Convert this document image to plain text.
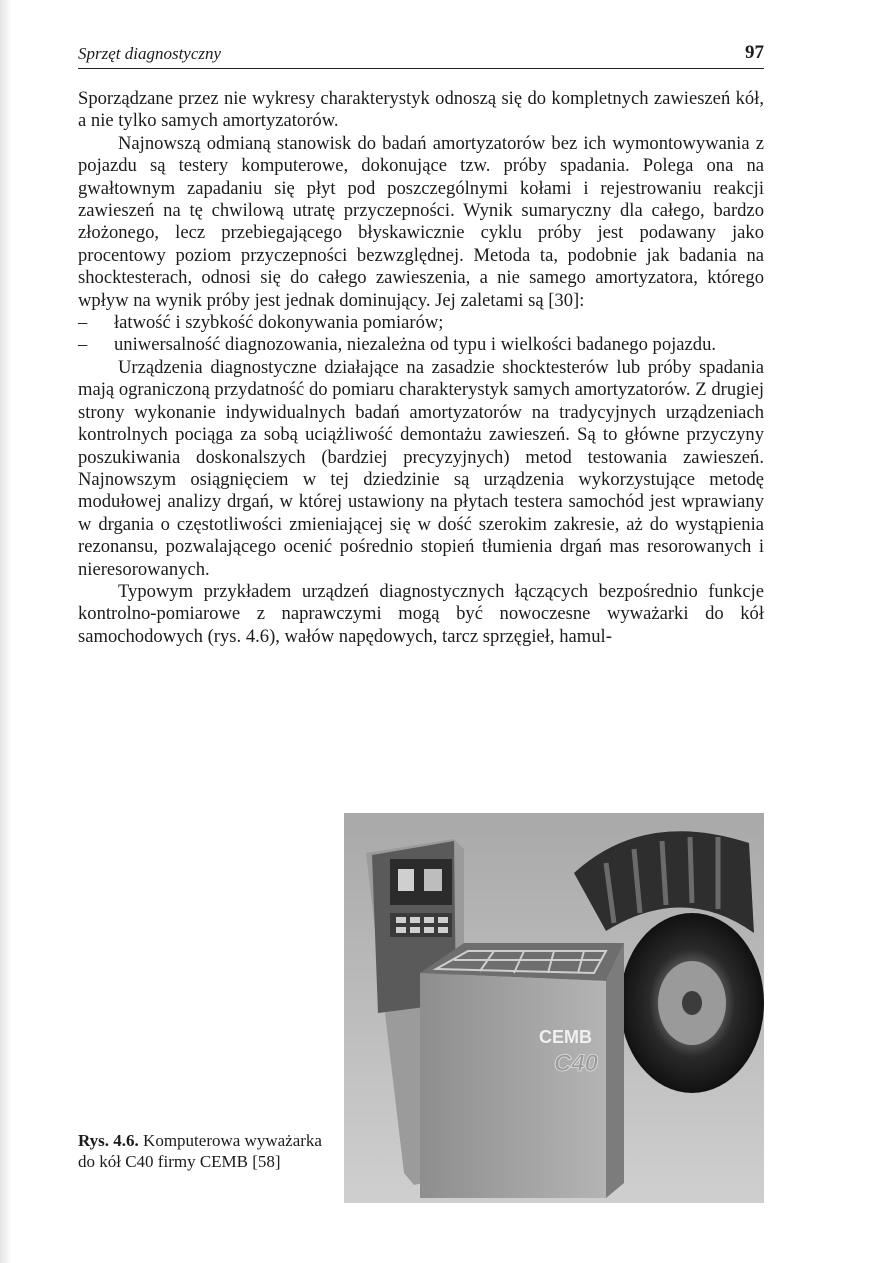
Sprzęt diagnostyczny	97

Sporządzane przez nie wykresy charakterystyk odnoszą się do kompletnych zawieszeń kół, a nie tylko samych amortyzatorów.

Najnowszą odmianą stanowisk do badań amortyzatorów bez ich wymontowywania z pojazdu są testery komputerowe, dokonujące tzw. próby spadania. Polega ona na gwałtownym zapadaniu się płyt pod poszczególnymi kołami i rejestrowaniu reakcji zawieszeń na tę chwilową utratę przyczepności. Wynik sumaryczny dla całego, bardzo złożonego, lecz przebiegającego błyskawicznie cyklu próby jest podawany jako procentowy poziom przyczepności bezwzględnej. Metoda ta, podobnie jak badania na shocktesterach, odnosi się do całego zawieszenia, a nie samego amortyzatora, którego wpływ na wynik próby jest jednak dominujący. Jej zaletami są [30]:

– łatwość i szybkość dokonywania pomiarów;
– uniwersalność diagnozowania, niezależna od typu i wielkości badanego pojazdu.

Urządzenia diagnostyczne działające na zasadzie shocktesterów lub próby spadania mają ograniczoną przydatność do pomiaru charakterystyk samych amortyzatorów. Z drugiej strony wykonanie indywidualnych badań amortyzatorów na tradycyjnych urządzeniach kontrolnych pociąga za sobą uciążliwość demontażu zawieszeń. Są to główne przyczyny poszukiwania doskonalszych (bardziej precyzyjnych) metod testowania zawieszeń. Najnowszym osiągnięciem w tej dziedzinie są urządzenia wykorzystujące metodę modułowej analizy drgań, w której ustawiony na płytach testera samochód jest wprawiany w drgania o częstotliwości zmieniającej się w dość szerokim zakresie, aż do wystąpienia rezonansu, pozwalającego ocenić pośrednio stopień tłumienia drgań mas resorowanych i nieresorowanych.

Typowym przykładem urządzeń diagnostycznych łączących bezpośrednio funkcje kontrolno-pomiarowe z naprawczymi mogą być nowoczesne wyważarki do kół samochodowych (rys. 4.6), wałów napędowych, tarcz sprzęgieł, hamul-

CEMB
C40
Rys. 4.6. Komputerowa wyważarka do kół C40 firmy CEMB [58]
